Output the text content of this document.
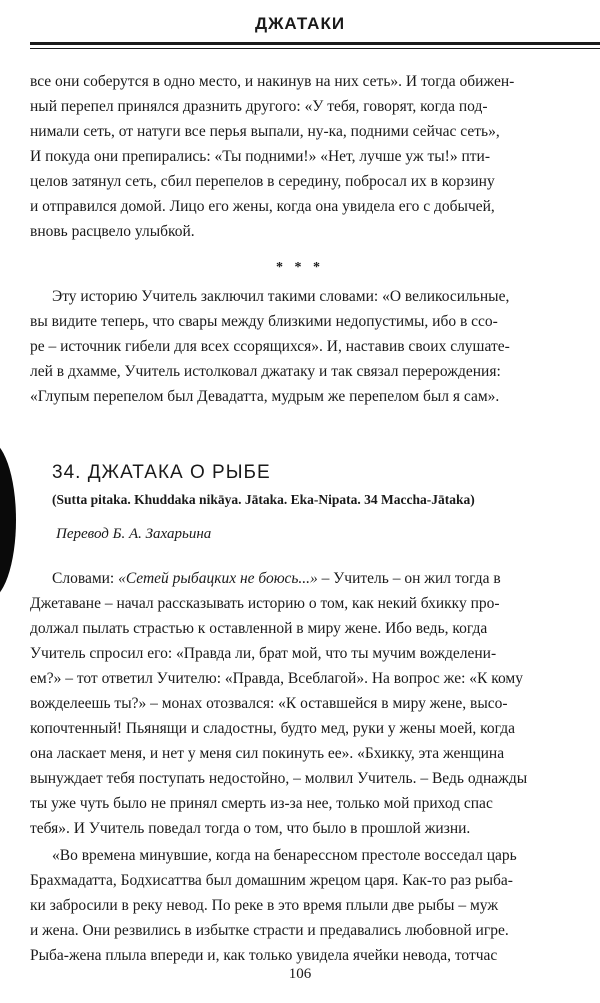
ДЖАТАКИ
все они соберутся в одно место, и накинув на них сеть». И тогда обижен-
ный перепел принялся дразнить другого: «У тебя, говорят, когда под-
нимали сеть, от натуги все перья выпали, ну-ка, подними сейчас сеть»,
И покуда они препирались: «Ты подними!» «Нет, лучше уж ты!» пти-
целов затянул сеть, сбил перепелов в середину, побросал их в корзину
и отправился домой. Лицо его жены, когда она увидела его с добычей,
вновь расцвело улыбкой.
* * *
Эту историю Учитель заключил такими словами: «О великосильные,
вы видите теперь, что свары между близкими недопустимы, ибо в ссо-
ре – источник гибели для всех ссорящихся». И, наставив своих слушате-
лей в дхамме, Учитель истолковал джатаку и так связал перерождения:
«Глупым перепелом был Девадатта, мудрым же перепелом был я сам».
34. ДЖАТАКА О РЫБЕ
(Sutta pitaka. Khuddaka nikāya. Jātaka. Eka-Nipata. 34 Maccha-Jātaka)
Перевод Б. А. Захарьина
Словами: «Сетей рыбацких не боюсь...» – Учитель – он жил тогда в
Джетаване – начал рассказывать историю о том, как некий бхикку про-
должал пылать страстью к оставленной в миру жене. Ибо ведь, когда
Учитель спросил его: «Правда ли, брат мой, что ты мучим вожделени-
ем?» – тот ответил Учителю: «Правда, Всеблагой». На вопрос же: «К кому
вожделеешь ты?» – монах отозвался: «К оставшейся в миру жене, высо-
копочтенный! Пьянящи и сладостны, будто мед, руки у жены моей, когда
она ласкает меня, и нет у меня сил покинуть ее». «Бхикку, эта женщина
вынуждает тебя поступать недостойно, – молвил Учитель. – Ведь однажды
ты уже чуть было не принял смерть из-за нее, только мой приход спас
тебя». И Учитель поведал тогда о том, что было в прошлой жизни.
«Во времена минувшие, когда на бенарессном престоле восседал царь
Брахмадатта, Бодхисаттва был домашним жрецом царя. Как-то раз рыба-
ки забросили в реку невод. По реке в это время плыли две рыбы – муж
и жена. Они резвились в избытке страсти и предавались любовной игре.
Рыба-жена плыла впереди и, как только увидела ячейки невода, тотчас
106
